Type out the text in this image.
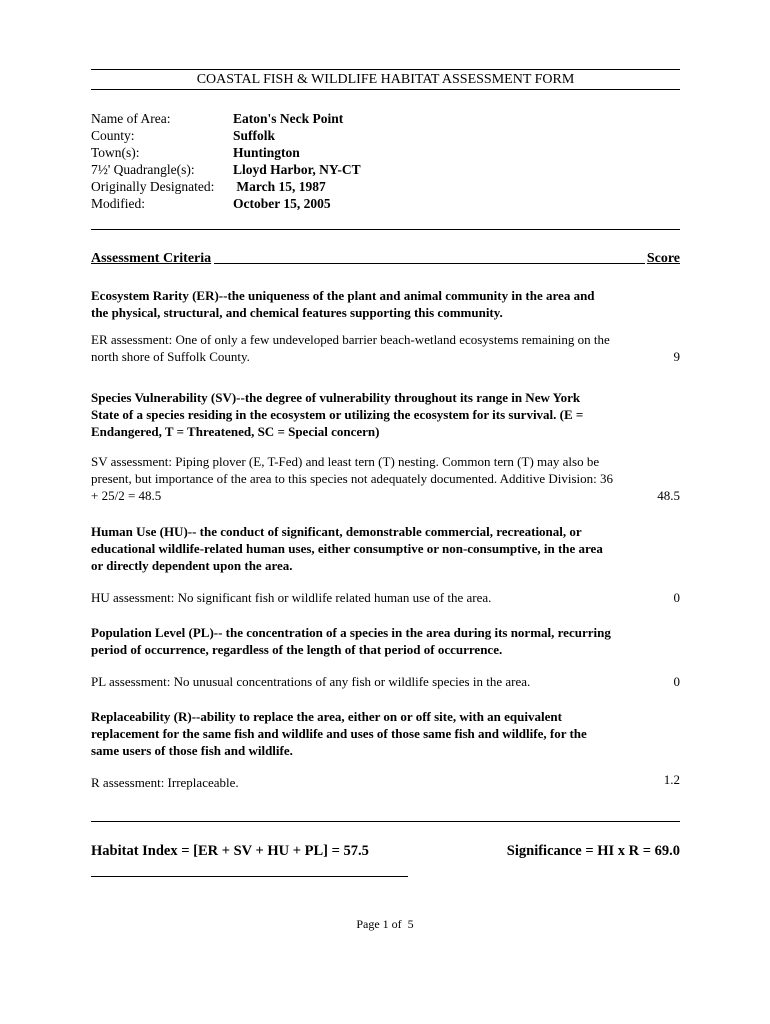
COASTAL FISH & WILDLIFE HABITAT ASSESSMENT FORM
Name of Area:	Eaton's Neck Point
County:	Suffolk
Town(s):	Huntington
7½' Quadrangle(s):	Lloyd Harbor, NY-CT
Originally Designated:	March 15, 1987
Modified:	October 15, 2005
Assessment Criteria	Score
Ecosystem Rarity (ER)--the uniqueness of the plant and animal community in the area and the physical, structural, and chemical features supporting this community.
ER assessment: One of only a few undeveloped barrier beach-wetland ecosystems remaining on the north shore of Suffolk County.	9
Species Vulnerability (SV)--the degree of vulnerability throughout its range in New York State of a species residing in the ecosystem or utilizing the ecosystem for its survival. (E = Endangered, T = Threatened, SC = Special concern)
SV assessment: Piping plover (E, T-Fed) and least tern (T) nesting. Common tern (T) may also be present, but importance of the area to this species not adequately documented. Additive Division: 36 + 25/2 = 48.5	48.5
Human Use (HU)-- the conduct of significant, demonstrable commercial, recreational, or educational wildlife-related human uses, either consumptive or non-consumptive, in the area or directly dependent upon the area.
HU assessment: No significant fish or wildlife related human use of the area.	0
Population Level (PL)-- the concentration of a species in the area during its normal, recurring period of occurrence, regardless of the length of that period of occurrence.
PL assessment: No unusual concentrations of any fish or wildlife species in the area.	0
Replaceability (R)--ability to replace the area, either on or off site, with an equivalent replacement for the same fish and wildlife and uses of those same fish and wildlife, for the same users of those fish and wildlife.
R assessment: Irreplaceable.	1.2
Habitat Index = [ER + SV + HU + PL] = 57.5	Significance = HI x R = 69.0
Page 1 of  5
